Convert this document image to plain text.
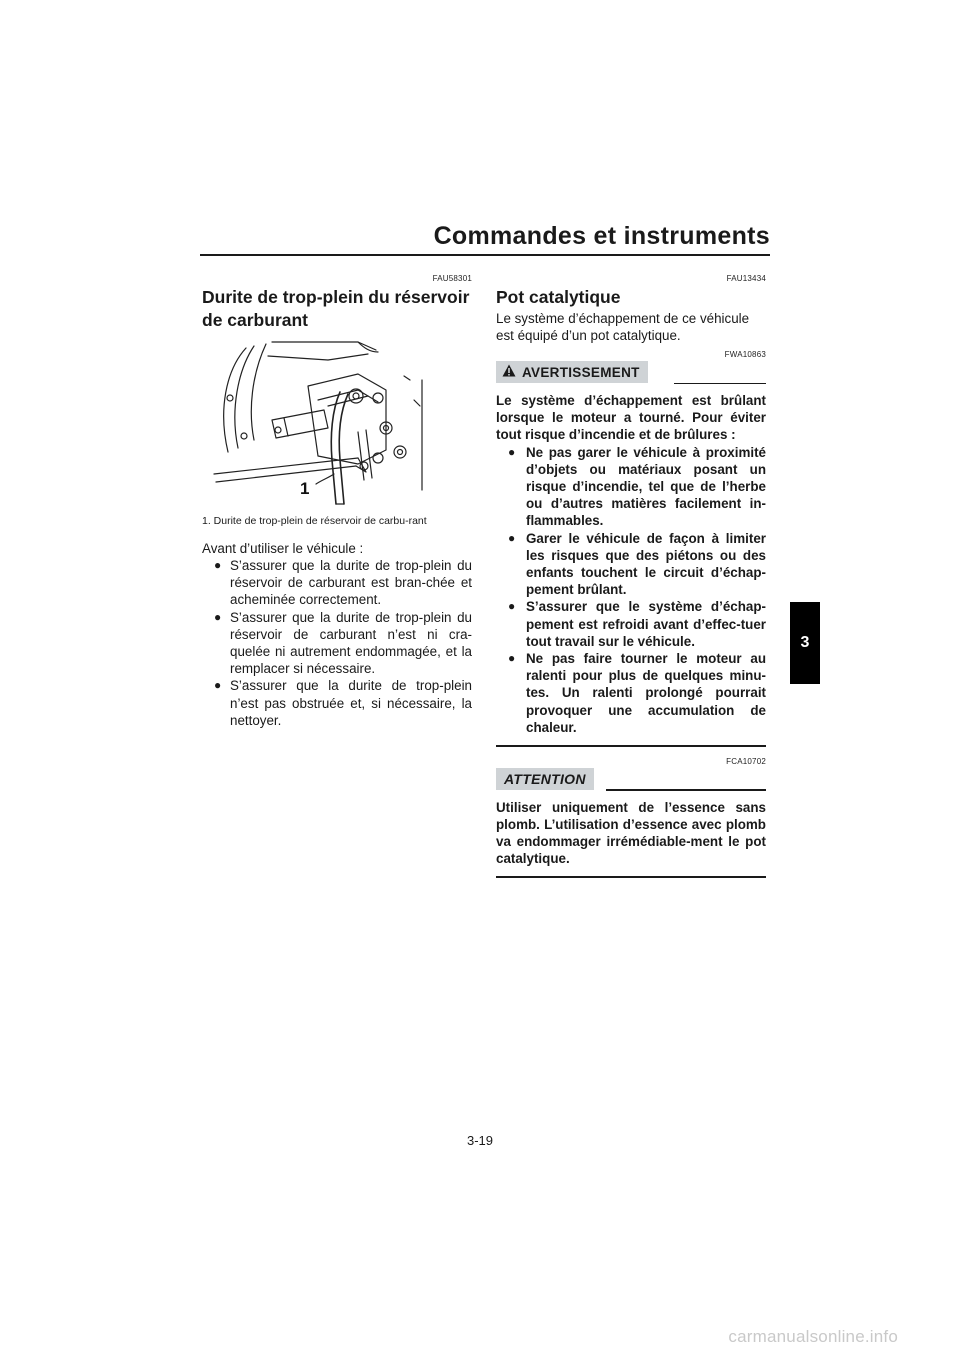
Commandes et instruments
3
FAU58301
Durite de trop-plein du réservoir de carburant
1
1. Durite de trop-plein de réservoir de carbu-rant

Avant d’utiliser le véhicule :

● S’assurer que la durite de trop-plein du réservoir de carburant est bran-chée et acheminée correctement.
● S’assurer que la durite de trop-plein du réservoir de carburant n’est ni cra-quelée ni autrement endommagée, et la remplacer si nécessaire.
● S’assurer que la durite de trop-plein n’est pas obstruée et, si nécessaire, la nettoyer.
FAU13434
Pot catalytique

Le système d’échappement de ce véhicule est équipé d’un pot catalytique.

FWA10863
AVERTISSEMENT

Le système d’échappement est brûlant lorsque le moteur a tourné. Pour éviter tout risque d’incendie et de brûlures :

● Ne pas garer le véhicule à proximité d’objets ou matériaux posant un risque d’incendie, tel que de l’herbe ou d’autres matières facilement in-flammables.
● Garer le véhicule de façon à limiter les risques que des piétons ou des enfants touchent le circuit d’échap-pement brûlant.
● S’assurer que le système d’échap-pement est refroidi avant d’effec-tuer tout travail sur le véhicule.
● Ne pas faire tourner le moteur au ralenti pour plus de quelques minu-tes. Un ralenti prolongé pourrait provoquer une accumulation de chaleur.
FCA10702
ATTENTION

Utiliser uniquement de l’essence sans plomb. L’utilisation d’essence avec plomb va endommager irrémédiable-ment le pot catalytique.

3-19
carmanualsonline.info
